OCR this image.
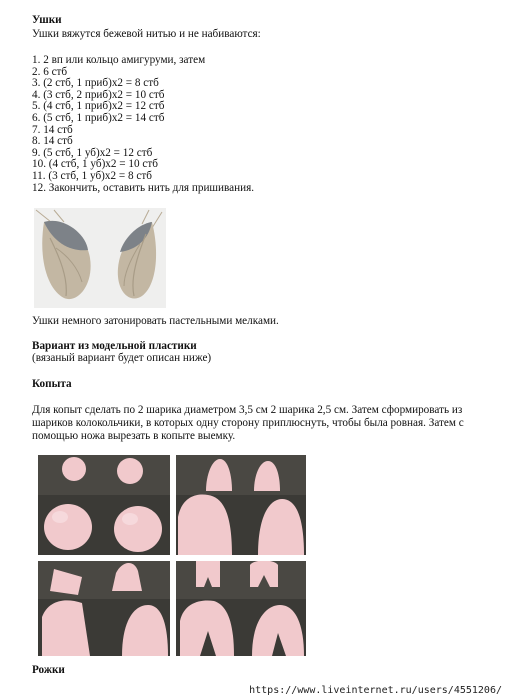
Ушки

Ушки вяжутся бежевой нитью и не набиваются:

1. 2 вп или кольцо амигуруми, затем
2. 6 стб
3. (2 стб, 1 приб)х2 = 8 стб
4. (3 стб, 2 приб)х2 = 10 стб
5. (4 стб, 1 приб)х2 = 12 стб
6. (5 стб, 1 приб)х2 = 14 стб
7. 14 стб
8. 14 стб
9. (5 стб, 1 уб)х2 = 12 стб
10. (4 стб, 1 уб)х2 = 10 стб
11. (3 стб, 1 уб)х2 = 8 стб
12. Закончить, оставить нить для пришивания.

Ушки немного затонировать пастельными мелками.

Вариант из модельной пластики

(вязаный вариант будет описан ниже)

Копыта

Для копыт сделать по 2 шарика диаметром 3,5 см 2 шарика 2,5 см. Затем сформировать из

шариков колокольчики, в которых одну сторону приплюснуть, чтобы была ровная. Затем с

помощью ножа вырезать в копыте выемку.

Рожки

https://www.liveinternet.ru/users/4551206/
